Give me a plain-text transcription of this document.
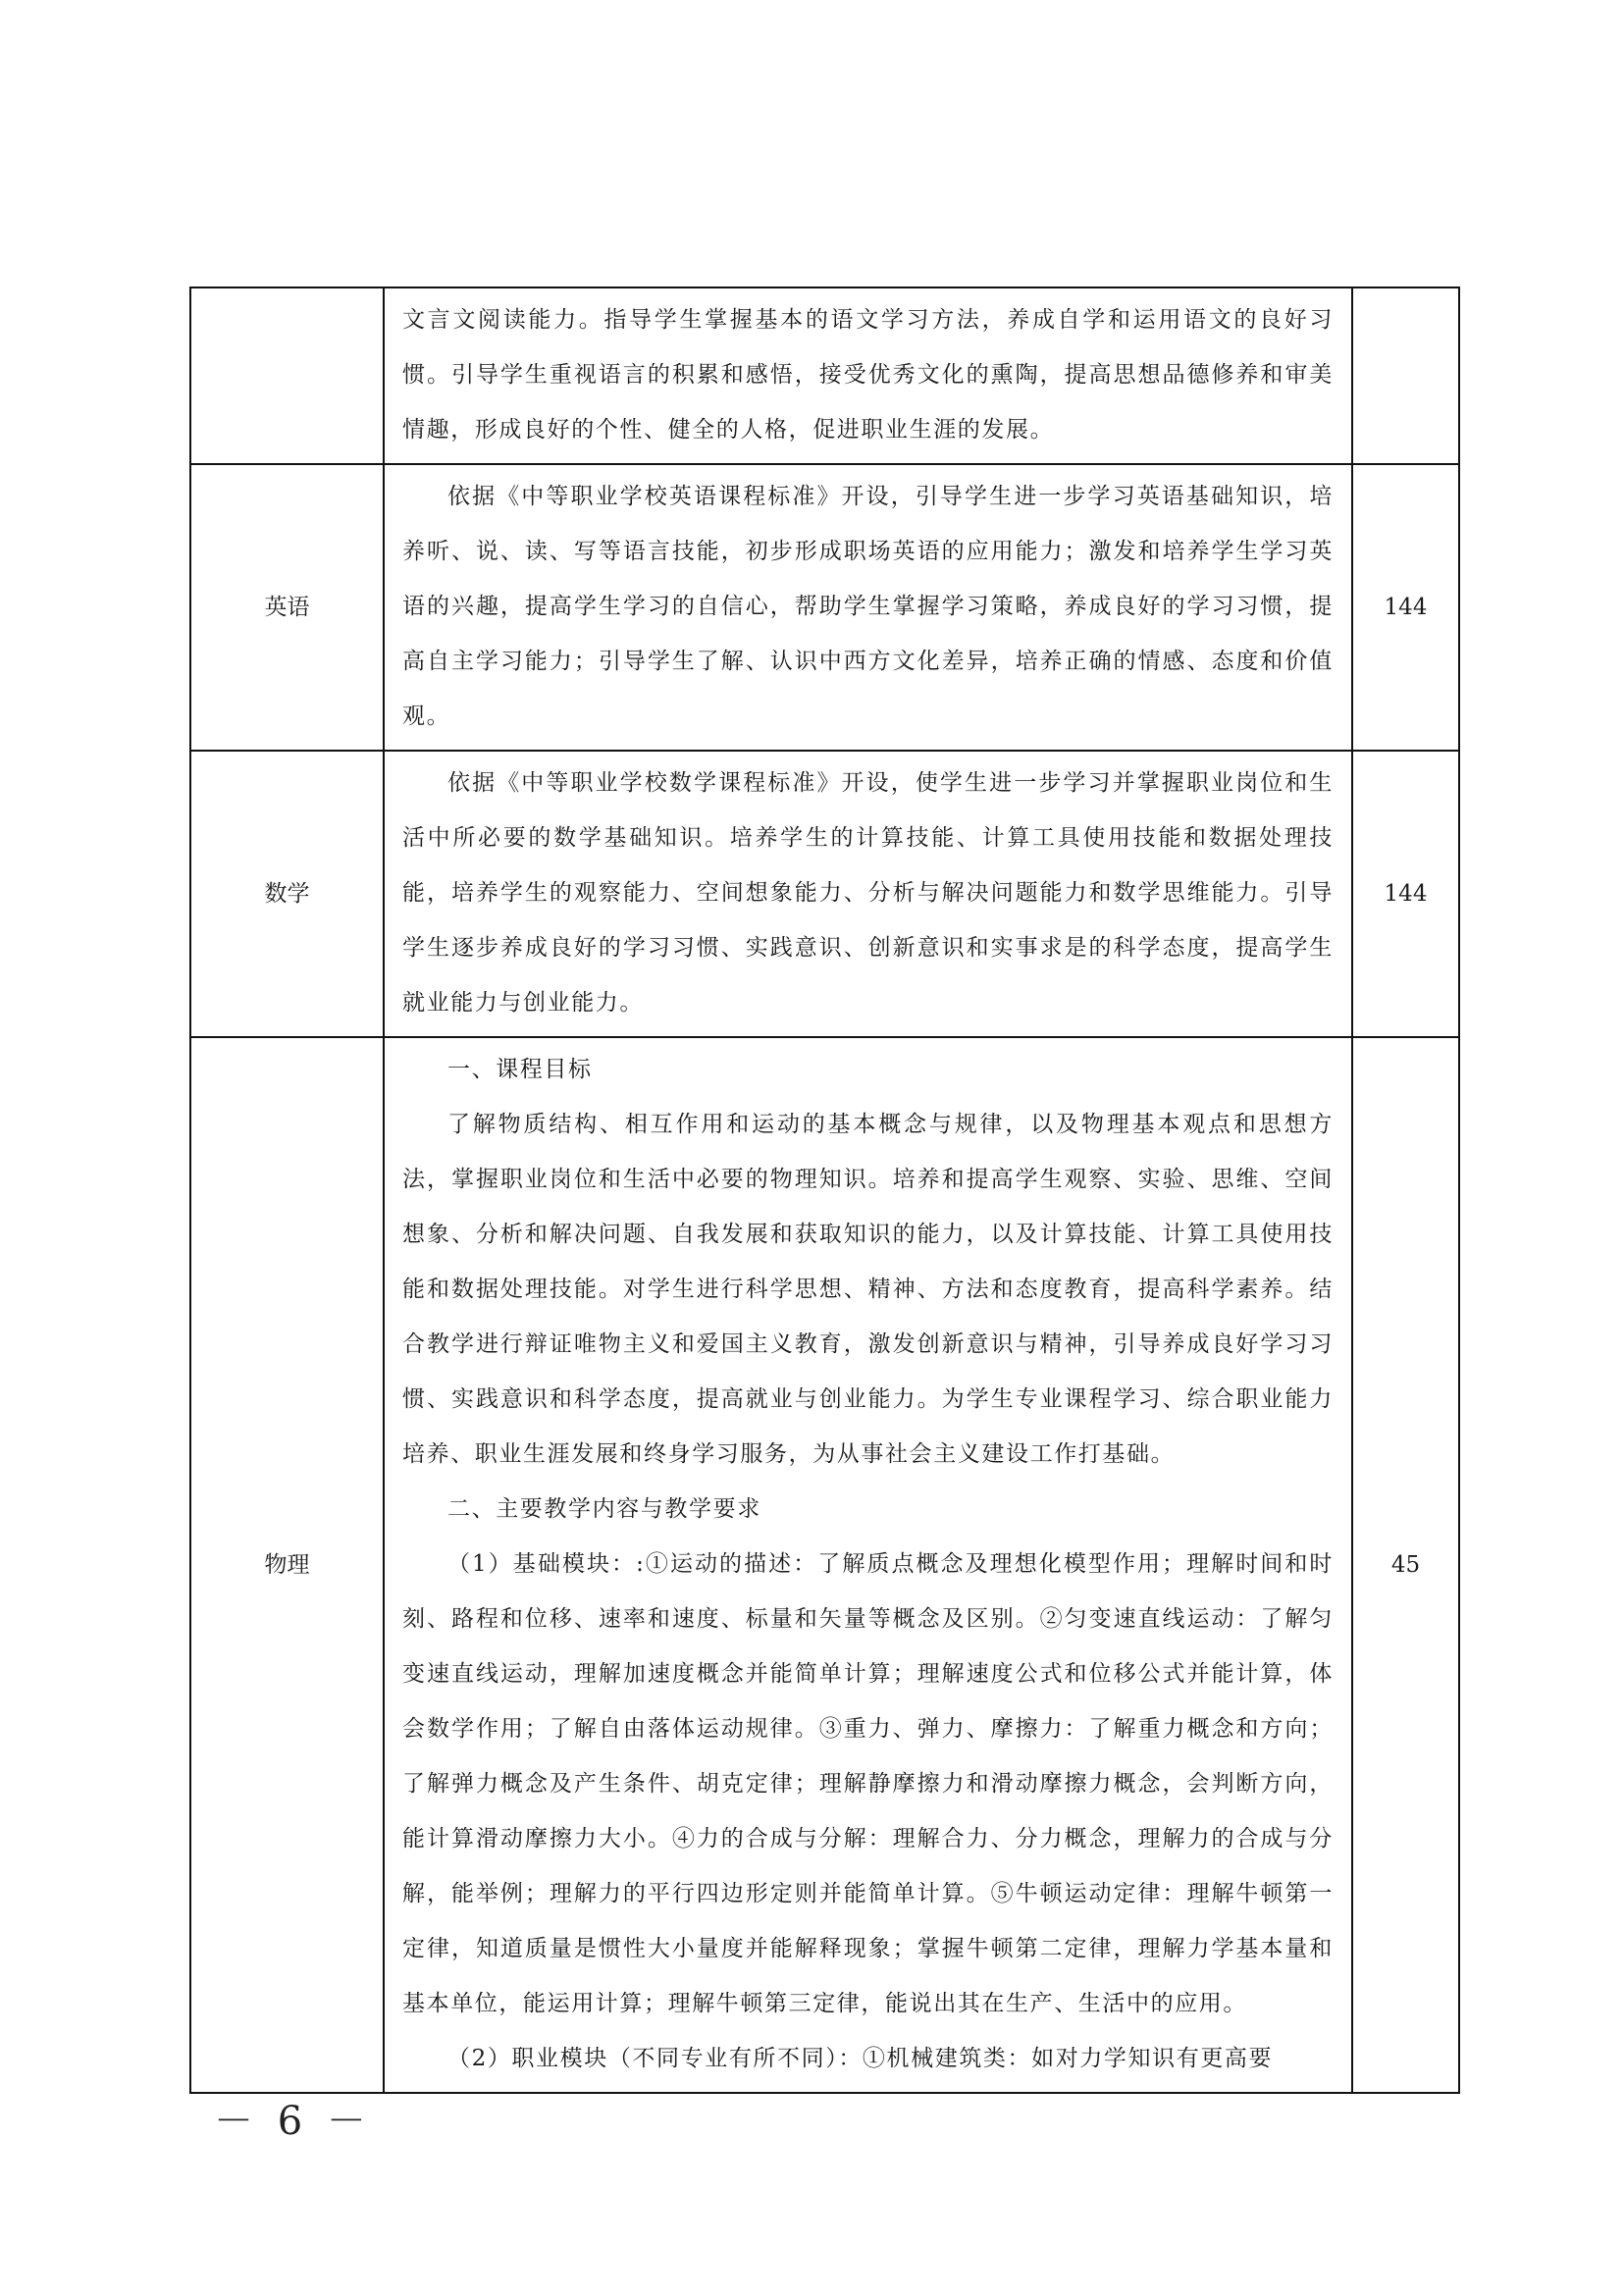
	文言文阅读能力。指导学生掌握基本的语文学习方法，养成自学和运用语文的良好习惯。引导学生重视语言的积累和感悟，接受优秀文化的熏陶，提高思想品德修养和审美情趣，形成良好的个性、健全的人格，促进职业生涯的发展。	

英语	依据《中等职业学校英语课程标准》开设，引导学生进一步学习英语基础知识，培养听、说、读、写等语言技能，初步形成职场英语的应用能力；激发和培养学生学习英语的兴趣，提高学生学习的自信心，帮助学生掌握学习策略，养成良好的学习习惯，提高自主学习能力；引导学生了解、认识中西方文化差异，培养正确的情感、态度和价值观。	144
数学	依据《中等职业学校数学课程标准》开设，使学生进一步学习并掌握职业岗位和生活中所必要的数学基础知识。培养学生的计算技能、计算工具使用技能和数据处理技能，培养学生的观察能力、空间想象能力、分析与解决问题能力和数学思维能力。引导学生逐步养成良好的学习习惯、实践意识、创新意识和实事求是的科学态度，提高学生就业能力与创业能力。	144
物理	一、课程目标

了解物质结构、相互作用和运动的基本概念与规律，以及物理基本观点和思想方法，掌握职业岗位和生活中必要的物理知识。培养和提高学生观察、实验、思维、空间想象、分析和解决问题、自我发展和获取知识的能力，以及计算技能、计算工具使用技能和数据处理技能。对学生进行科学思想、精神、方法和态度教育，提高科学素养。结合教学进行辩证唯物主义和爱国主义教育，激发创新意识与精神，引导养成良好学习习惯、实践意识和科学态度，提高就业与创业能力。为学生专业课程学习、综合职业能力培养、职业生涯发展和终身学习服务，为从事社会主义建设工作打基础。

二、主要教学内容与教学要求

（1）基础模块：:①运动的描述：了解质点概念及理想化模型作用；理解时间和时刻、路程和位移、速率和速度、标量和矢量等概念及区别。②匀变速直线运动：了解匀变速直线运动，理解加速度概念并能简单计算；理解速度公式和位移公式并能计算，体会数学作用；了解自由落体运动规律。③重力、弹力、摩擦力：了解重力概念和方向；了解弹力概念及产生条件、胡克定律；理解静摩擦力和滑动摩擦力概念，会判断方向，能计算滑动摩擦力大小。④力的合成与分解：理解合力、分力概念，理解力的合成与分解，能举例；理解力的平行四边形定则并能简单计算。⑤牛顿运动定律：理解牛顿第一定律，知道质量是惯性大小量度并能解释现象；掌握牛顿第二定律，理解力学基本量和基本单位，能运用计算；理解牛顿第三定律，能说出其在生产、生活中的应用。

（2）职业模块（不同专业有所不同）：①机械建筑类：如对力学知识有更高要	45
－ 6 －
